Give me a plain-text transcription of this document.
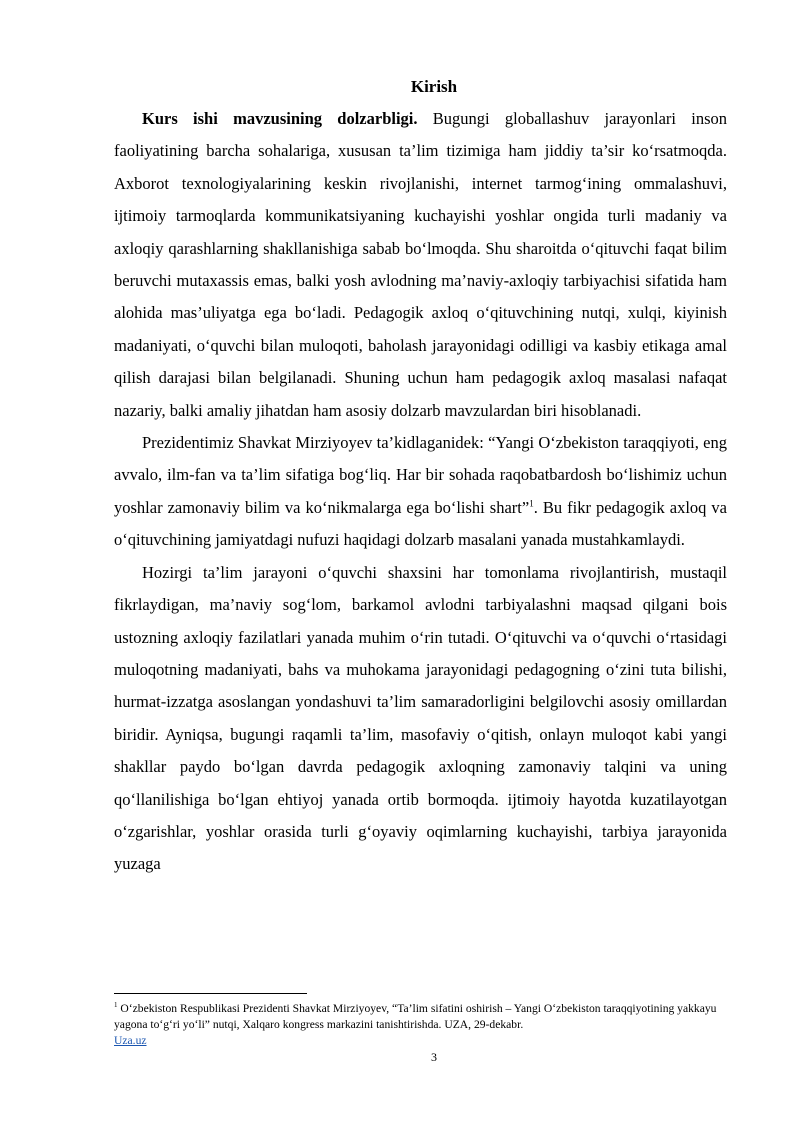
Kirish

Kurs ishi mavzusining dolzarbligi. Bugungi globallashuv jarayonlari inson faoliyatining barcha sohalariga, xususan ta’lim tizimiga ham jiddiy ta’sir ko‘rsatmoqda. Axborot texnologiyalarining keskin rivojlanishi, internet tarmog‘ining ommalashuvi, ijtimoiy tarmoqlarda kommunikatsiyaning kuchayishi yoshlar ongida turli madaniy va axloqiy qarashlarning shakllanishiga sabab bo‘lmoqda. Shu sharoitda o‘qituvchi faqat bilim beruvchi mutaxassis emas, balki yosh avlodning ma’naviy-axloqiy tarbiyachisi sifatida ham alohida mas’uliyatga ega bo‘ladi. Pedagogik axloq o‘qituvchining nutqi, xulqi, kiyinish madaniyati, o‘quvchi bilan muloqoti, baholash jarayonidagi odilligi va kasbiy etikaga amal qilish darajasi bilan belgilanadi. Shuning uchun ham pedagogik axloq masalasi nafaqat nazariy, balki amaliy jihatdan ham asosiy dolzarb mavzulardan biri hisoblanadi.

Prezidentimiz Shavkat Mirziyoyev ta’kidlaganidek: “Yangi O‘zbekiston taraqqiyoti, eng avvalo, ilm-fan va ta’lim sifatiga bog‘liq. Har bir sohada raqobatbardosh bo‘lishimiz uchun yoshlar zamonaviy bilim va ko‘nikmalarga ega bo‘lishi shart”$^1$. Bu fikr pedagogik axloq va o‘qituvchining jamiyatdagi nufuzi haqidagi dolzarb masalani yanada mustahkamlaydi.

Hozirgi ta’lim jarayoni o‘quvchi shaxsini har tomonlama rivojlantirish, mustaqil fikrlaydigan, ma’naviy sog‘lom, barkamol avlodni tarbiyalashni maqsad qilgani bois ustozning axloqiy fazilatlari yanada muhim o‘rin tutadi. O‘qituvchi va o‘quvchi o‘rtasidagi muloqotning madaniyati, bahs va muhokama jarayonidagi pedagogning o‘zini tuta bilishi, hurmat-izzatga asoslangan yondashuvi ta’lim samaradorligini belgilovchi asosiy omillardan biridir. Ayniqsa, bugungi raqamli ta’lim, masofaviy o‘qitish, onlayn muloqot kabi yangi shakllar paydo bo‘lgan davrda pedagogik axloqning zamonaviy talqini va uning qo‘llanilishiga bo‘lgan ehtiyoj yanada ortib bormoqda. ijtimoiy hayotda kuzatilayotgan o‘zgarishlar, yoshlar orasida turli g‘oyaviy oqimlarning kuchayishi, tarbiya jarayonida yuzaga

$^1$ O‘zbekiston Respublikasi Prezidenti Shavkat Mirziyoyev, “Ta’lim sifatini oshirish – Yangi O‘zbekiston taraqqiyotining yakkayu yagona to‘g‘ri yo‘li” nutqi, Xalqaro kongress markazini tanishtirishda. UZA, 29-dekabr.
Uza.uz
3
